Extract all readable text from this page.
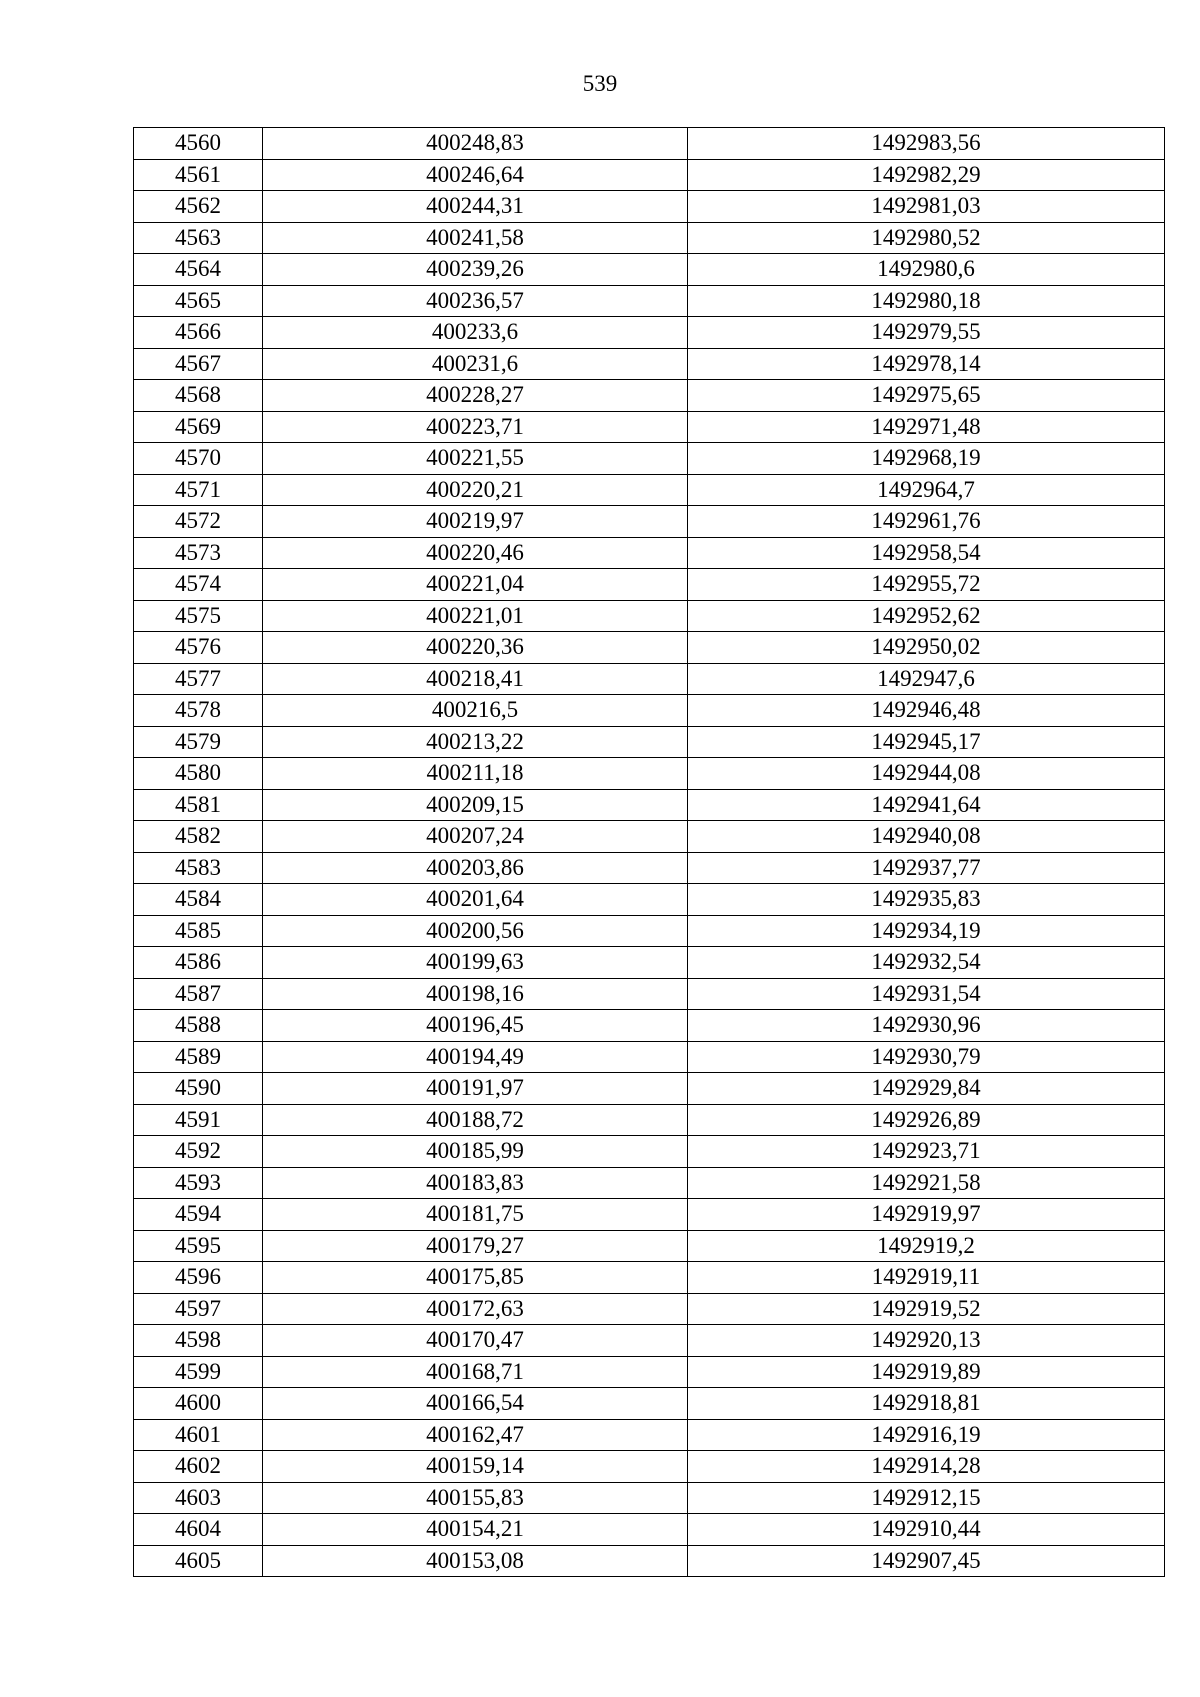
539
4560	400248,83	1492983,56
4561	400246,64	1492982,29
4562	400244,31	1492981,03
4563	400241,58	1492980,52
4564	400239,26	1492980,6
4565	400236,57	1492980,18
4566	400233,6	1492979,55
4567	400231,6	1492978,14
4568	400228,27	1492975,65
4569	400223,71	1492971,48
4570	400221,55	1492968,19
4571	400220,21	1492964,7
4572	400219,97	1492961,76
4573	400220,46	1492958,54
4574	400221,04	1492955,72
4575	400221,01	1492952,62
4576	400220,36	1492950,02
4577	400218,41	1492947,6
4578	400216,5	1492946,48
4579	400213,22	1492945,17
4580	400211,18	1492944,08
4581	400209,15	1492941,64
4582	400207,24	1492940,08
4583	400203,86	1492937,77
4584	400201,64	1492935,83
4585	400200,56	1492934,19
4586	400199,63	1492932,54
4587	400198,16	1492931,54
4588	400196,45	1492930,96
4589	400194,49	1492930,79
4590	400191,97	1492929,84
4591	400188,72	1492926,89
4592	400185,99	1492923,71
4593	400183,83	1492921,58
4594	400181,75	1492919,97
4595	400179,27	1492919,2
4596	400175,85	1492919,11
4597	400172,63	1492919,52
4598	400170,47	1492920,13
4599	400168,71	1492919,89
4600	400166,54	1492918,81
4601	400162,47	1492916,19
4602	400159,14	1492914,28
4603	400155,83	1492912,15
4604	400154,21	1492910,44
4605	400153,08	1492907,45
